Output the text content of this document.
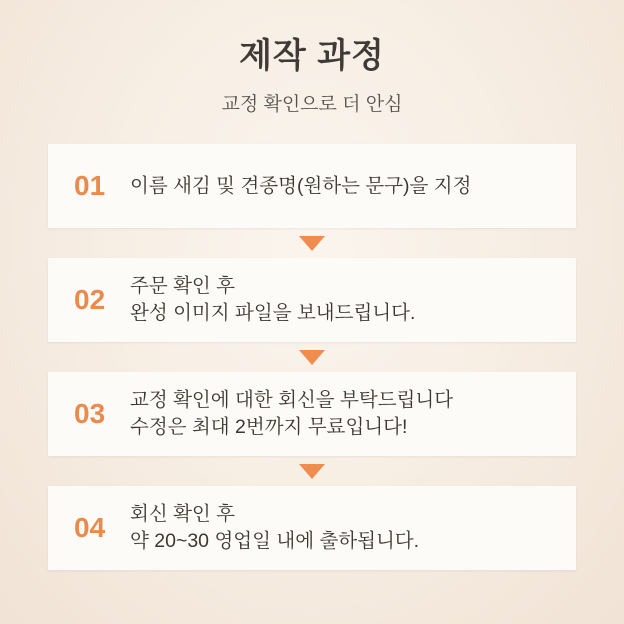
제작 과정
교정 확인으로 더 안심
01	이름 새김 및 견종명(원하는 문구)을 지정
02	주문 확인 후
완성 이미지 파일을 보내드립니다.
03	교정 확인에 대한 회신을 부탁드립니다
수정은 최대 2번까지 무료입니다!
04	회신 확인 후
약 20~30 영업일 내에 출하됩니다.
